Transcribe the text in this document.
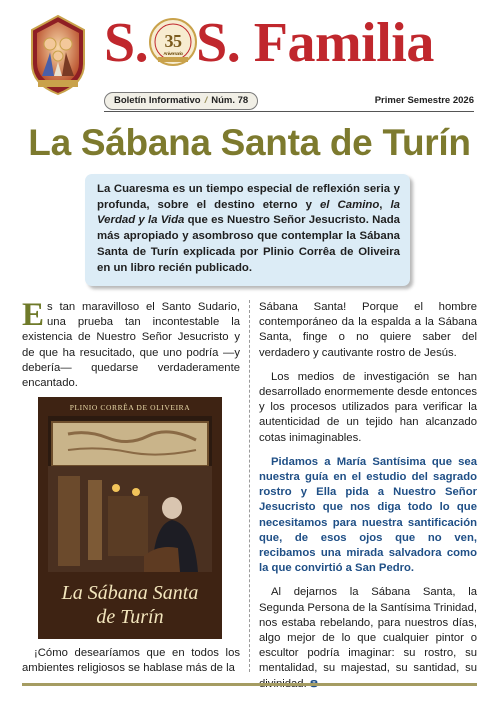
S. 35
Aniversario S. Familia
Boletín Informativo / Núm. 78	Primer Semestre 2026
La Sábana Santa de Turín
La Cuaresma es un tiempo especial de reflexión seria y profunda, sobre el destino eterno y el Camino, la Verdad y la Vida que es Nuestro Señor Jesucristo. Nada más apropiado y asombroso que contemplar la Sábana Santa de Turín explicada por Plinio Corrêa de Oliveira en un libro recién publicado.

Es tan maravilloso el Santo Sudario, una prueba tan incontestable la existencia de Nuestro Señor Jesucristo y de que ha resucitado, que uno podría —y debería— quedarse verdaderamente encantado.

PLINIO CORRÊA DE OLIVEIRA
La Sábana Santa
de Turín

¡Cómo desearíamos que en todos los ambientes religiosos se hablase más de la

Sábana Santa! Porque el hombre contemporáneo da la espalda a la Sábana Santa, finge o no quiere saber del verdadero y cautivante rostro de Jesús.

Los medios de investigación se han desarrollado enormemente desde entonces y los procesos utilizados para verificar la autenticidad de un tejido han alcanzado cotas inimaginables.

Pidamos a María Santísima que sea nuestra guía en el estudio del sagrado rostro y Ella pida a Nuestro Señor Jesucristo que nos diga todo lo que necesitamos para nuestra santificación que, de esos ojos que no ven, recibamos una mirada salvadora como la que convirtió a San Pedro.

Al dejarnos la Sábana Santa, la Segunda Persona de la Santísima Trinidad, nos estaba rebelando, para nuestros días, algo mejor de lo que cualquier pintor o escultor podría imaginar: su rostro, su mentalidad, su majestad, su santidad, su
